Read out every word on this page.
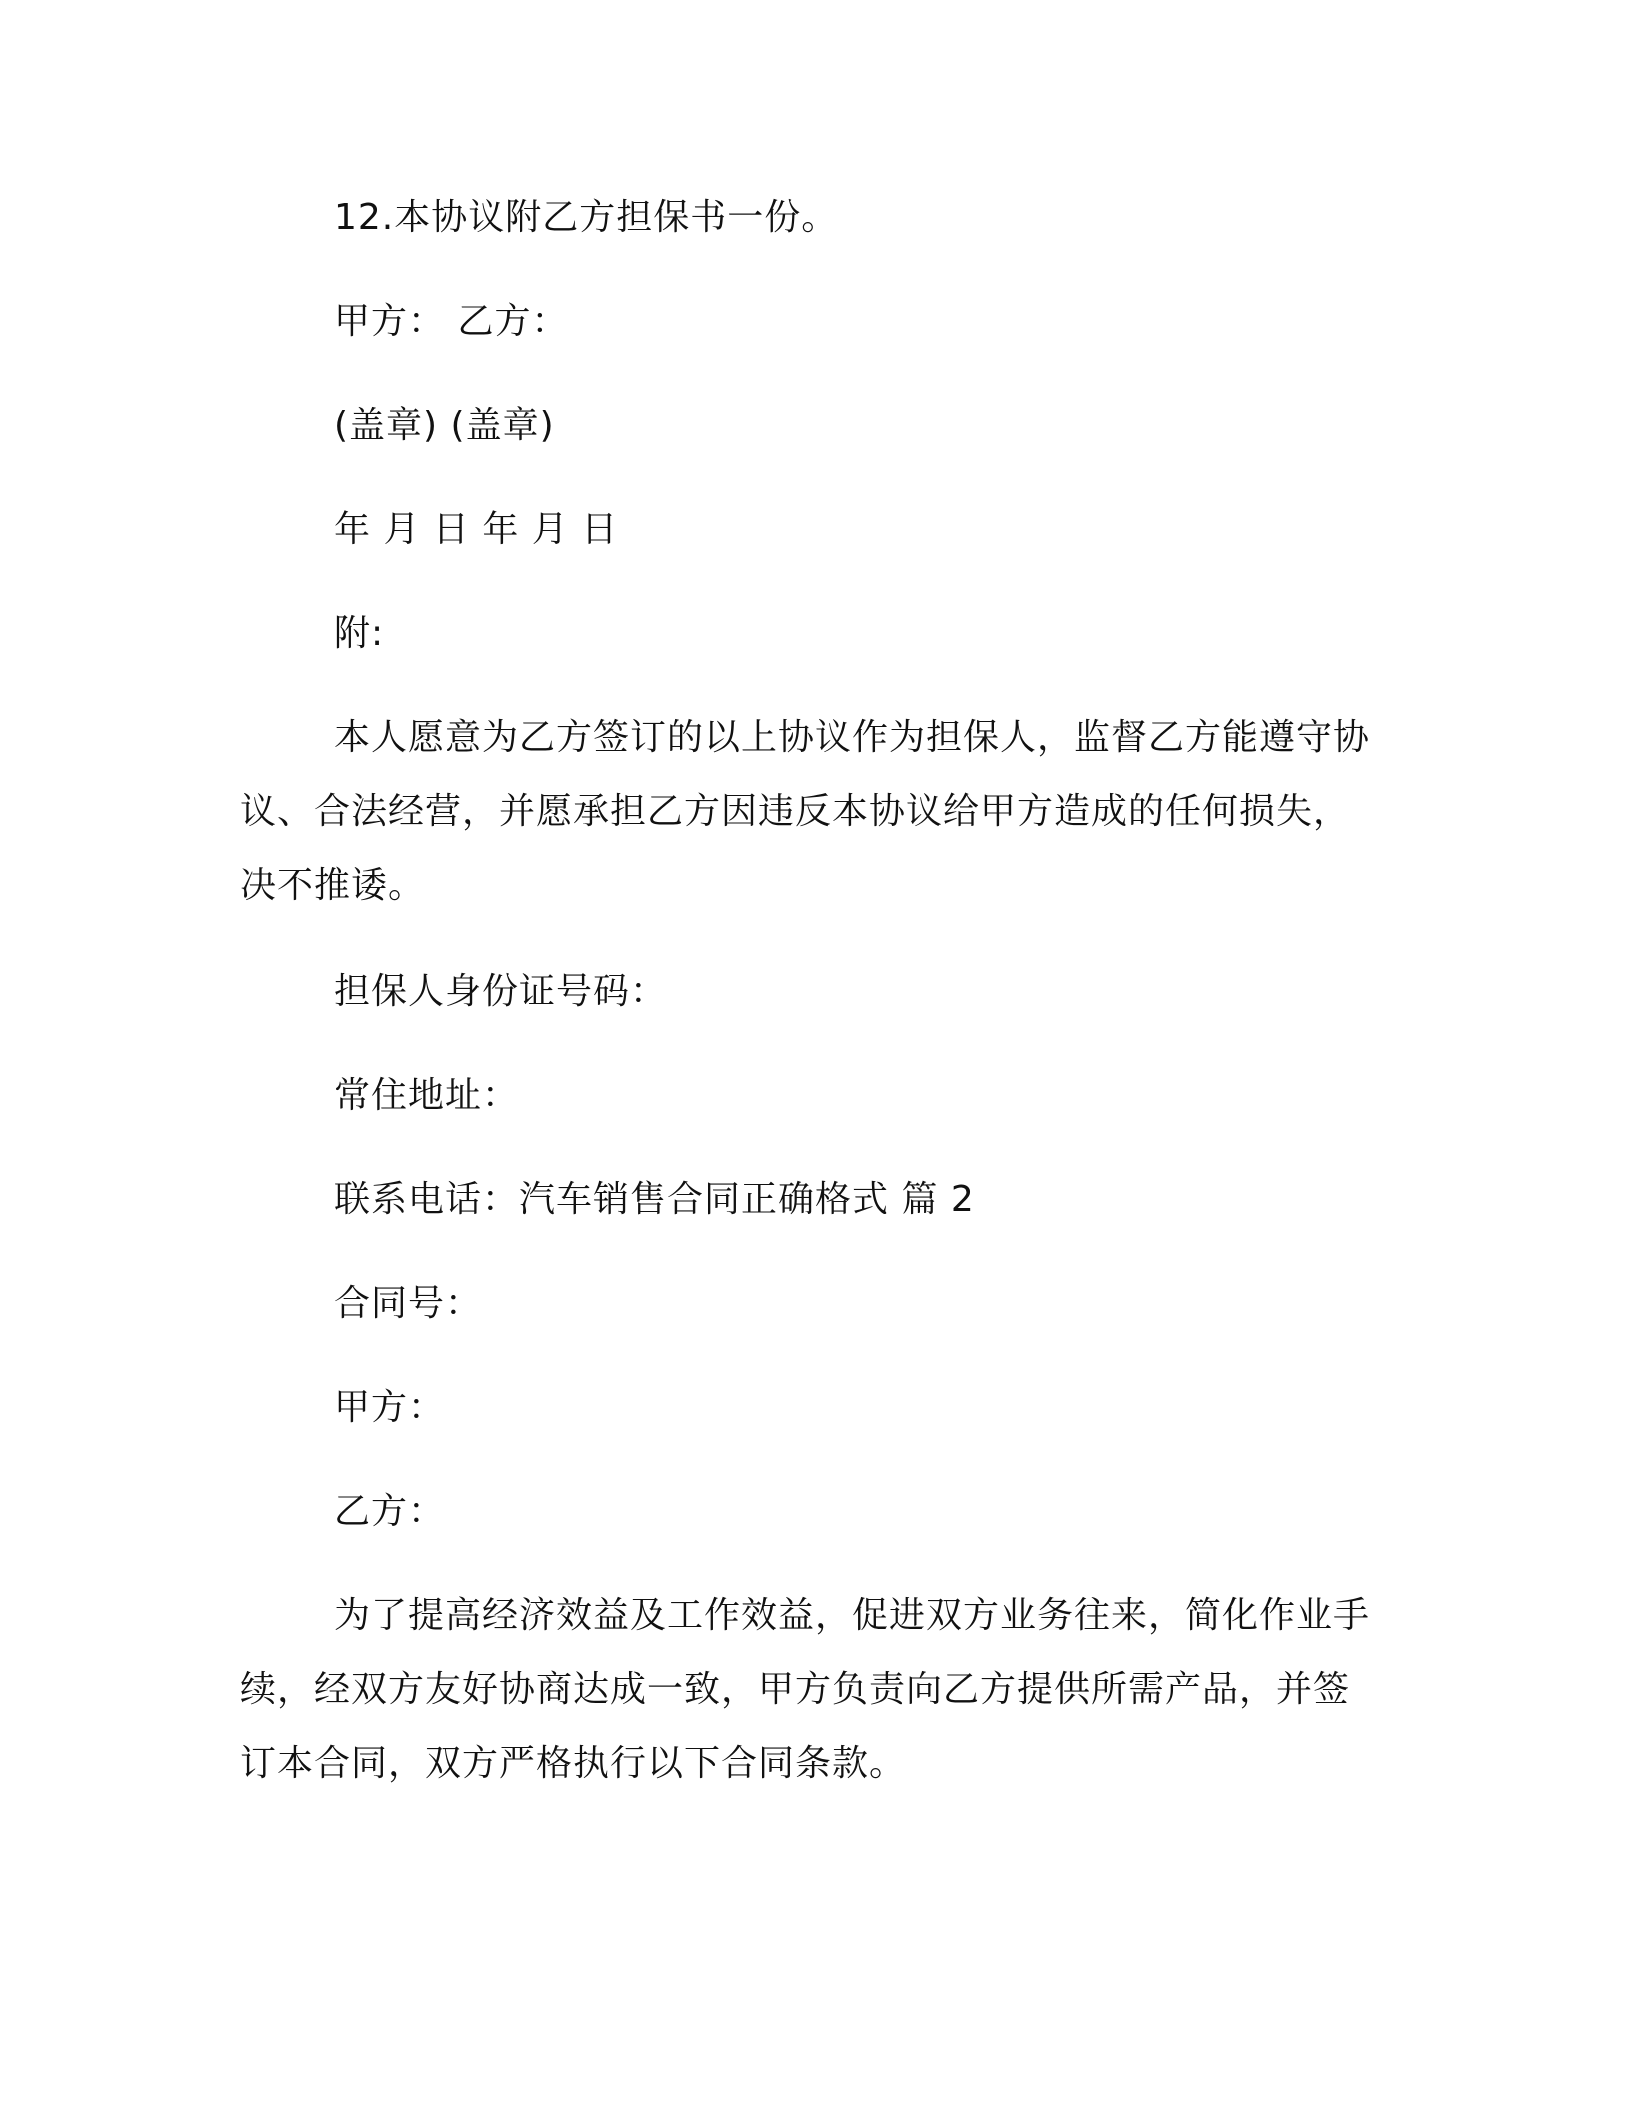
12.本协议附乙方担保书一份。
甲方： 乙方：
(盖章) (盖章)
年 月 日 年 月 日
附:
本人愿意为乙方签订的以上协议作为担保人，监督乙方能遵守协
议、合法经营，并愿承担乙方因违反本协议给甲方造成的任何损失，
决不推诿。
担保人身份证号码：
常住地址：
联系电话：汽车销售合同正确格式 篇 2
合同号：
甲方：
乙方：
为了提高经济效益及工作效益，促进双方业务往来，简化作业手
续，经双方友好协商达成一致，甲方负责向乙方提供所需产品，并签
订本合同，双方严格执行以下合同条款。
